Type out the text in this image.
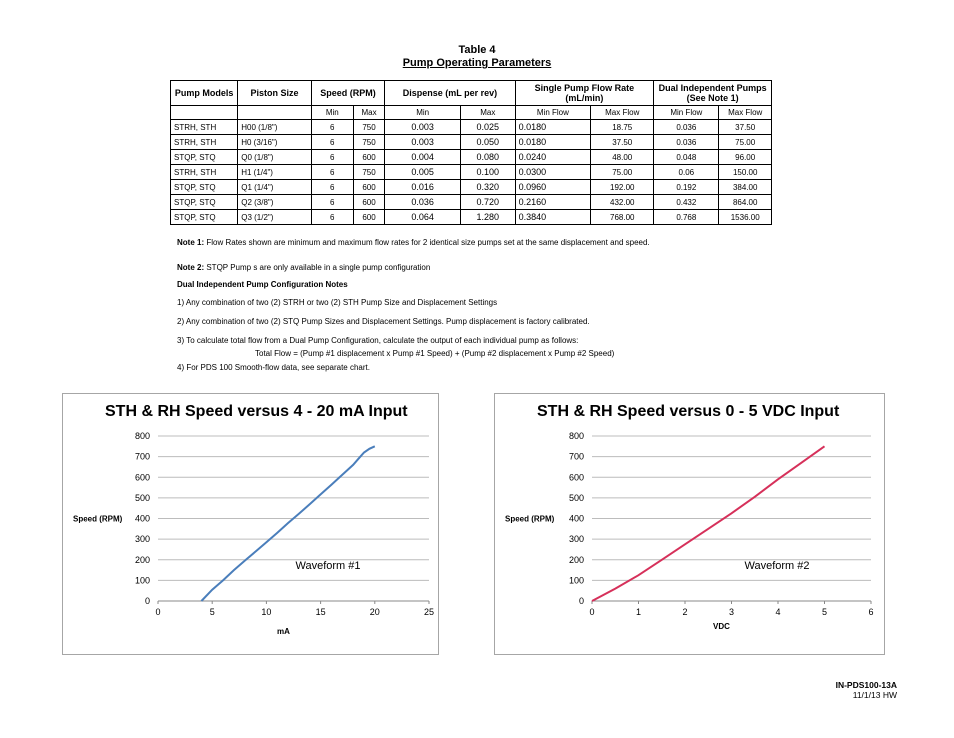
Table 4
Pump Operating Parameters
Pump Models	Piston Size	Speed (RPM)		Dispense (mL per rev)		Single Pump Flow Rate (mL/min)		Dual Independent Pumps (See Note 1)	
		Min	Max	Min	Max	Min Flow	Max Flow	Min Flow	Max Flow
STRH, STH	H00 (1/8")	6	750	0.003	0.025	0.0180	18.75	0.036	37.50
STRH, STH	H0 (3/16")	6	750	0.003	0.050	0.0180	37.50	0.036	75.00
STQP, STQ	Q0 (1/8")	6	600	0.004	0.080	0.0240	48.00	0.048	96.00
STRH, STH	H1 (1/4")	6	750	0.005	0.100	0.0300	75.00	0.06	150.00
STQP, STQ	Q1 (1/4")	6	600	0.016	0.320	0.0960	192.00	0.192	384.00
STQP, STQ	Q2 (3/8")	6	600	0.036	0.720	0.2160	432.00	0.432	864.00
STQP, STQ	Q3 (1/2")	6	600	0.064	1.280	0.3840	768.00	0.768	1536.00
Note 1: Flow Rates shown are minimum and maximum flow rates for 2 identical size pumps set at the same displacement and speed.
Note 2: STQP Pump s are only available in a single pump configuration
Dual Independent Pump Configuration Notes
1) Any combination of two (2) STRH or two (2) STH Pump Size and Displacement Settings
2) Any combination of two (2) STQ Pump Sizes and Displacement Settings. Pump displacement is factory calibrated.
3) To calculate total flow from a Dual Pump Configuration, calculate the output of each individual pump as follows:
Total Flow = (Pump #1 displacement x Pump #1 Speed) + (Pump #2 displacement x Pump #2 Speed)
4) For PDS 100 Smooth-flow data, see separate chart.
STH & RH Speed versus 4 - 20 mA Input
0
100
200
300
400
500
600
700
800
0	5	10	15	20	25
Speed (RPM)
mA
Waveform #1
STH & RH Speed versus 0 - 5 VDC Input
0
100
200
300
400
500
600
700
800
0	1	2	3	4	5	6
Speed (RPM)
VDC
Waveform #2
IN-PDS100-13A
11/1/13 HW
